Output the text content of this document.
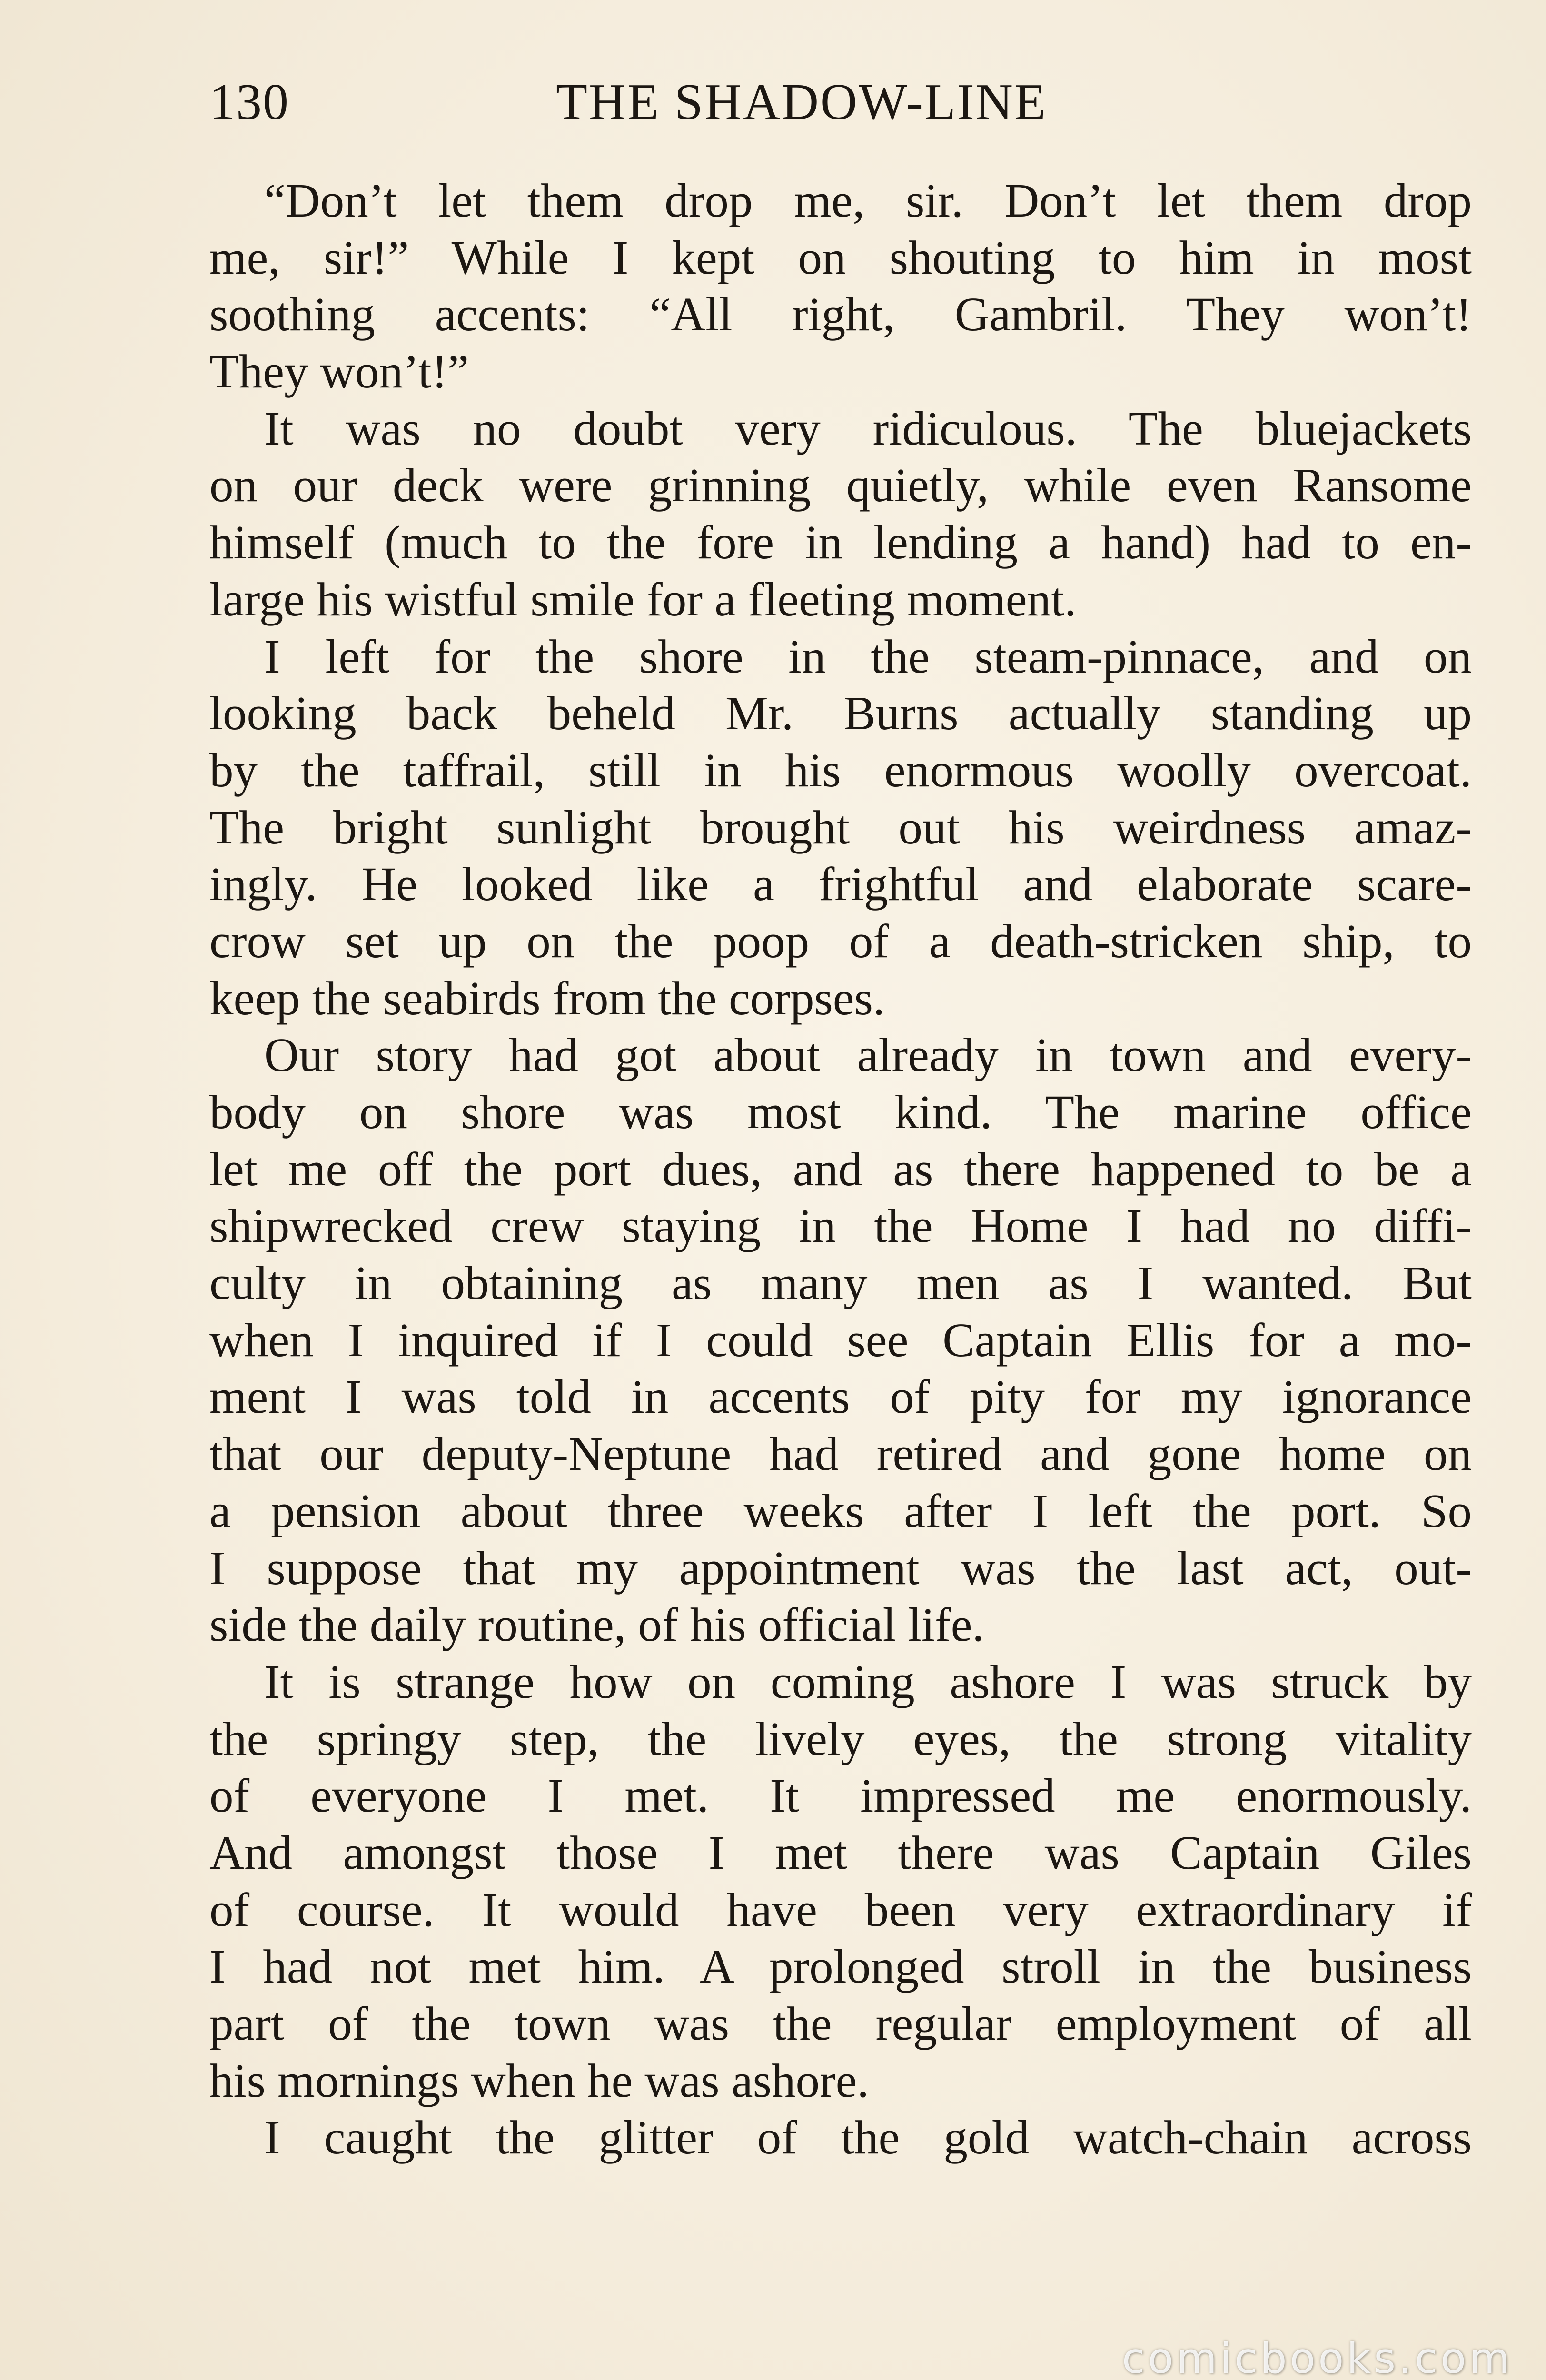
130	THE SHADOW-LINE
“Don’t let them drop me, sir. Don’t let them drop
me, sir!” While I kept on shouting to him in most
soothing accents: “All right, Gambril. They won’t!
They won’t!”
It was no doubt very ridiculous. The bluejackets
on our deck were grinning quietly, while even Ransome
himself (much to the fore in lending a hand) had to en-
large his wistful smile for a fleeting moment.
I left for the shore in the steam-pinnace, and on
looking back beheld Mr. Burns actually standing up
by the taffrail, still in his enormous woolly overcoat.
The bright sunlight brought out his weirdness amaz-
ingly. He looked like a frightful and elaborate scare-
crow set up on the poop of a death-stricken ship, to
keep the seabirds from the corpses.
Our story had got about already in town and every-
body on shore was most kind. The marine office
let me off the port dues, and as there happened to be a
shipwrecked crew staying in the Home I had no diffi-
culty in obtaining as many men as I wanted. But
when I inquired if I could see Captain Ellis for a mo-
ment I was told in accents of pity for my ignorance
that our deputy-Neptune had retired and gone home on
a pension about three weeks after I left the port. So
I suppose that my appointment was the last act, out-
side the daily routine, of his official life.
It is strange how on coming ashore I was struck by
the springy step, the lively eyes, the strong vitality
of everyone I met. It impressed me enormously.
And amongst those I met there was Captain Giles
of course. It would have been very extraordinary if
I had not met him. A prolonged stroll in the business
part of the town was the regular employment of all
his mornings when he was ashore.
I caught the glitter of the gold watch-chain across
comicbooks.com
